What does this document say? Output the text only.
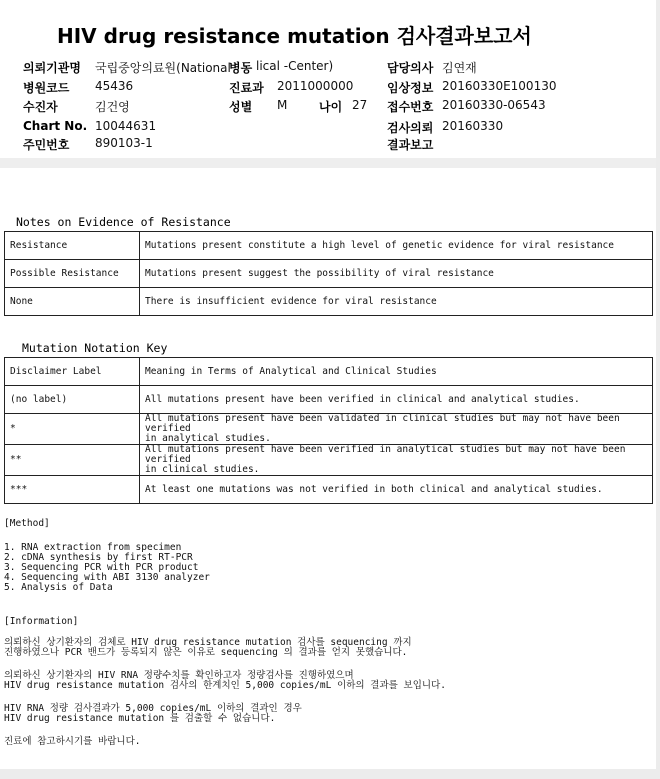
HIV drug resistance mutation 검사결과보고서
의뢰기관명 국립중앙의료원(National
병원코드 45436
수진자	김건영
Chart No. 10044631
주민번호 890103-1
병동 lical -Center)
진료과 2011000000
성별 M	나이 27
담당의사 김연재
임상정보 20160330E100130
접수번호 20160330-06543
검사의뢰 20160330
결과보고
Notes on Evidence of Resistance
Resistance	Mutations present constitute a high level of genetic evidence for viral resistance
Possible Resistance	Mutations present suggest the possibility of viral resistance
None	There is insufficient evidence for viral resistance
Mutation Notation Key
Disclaimer Label	Meaning in Terms of Analytical and Clinical Studies
(no label)	All mutations present have been verified in clinical and analytical studies.

*	All mutations present have been validated in clinical studies but may not have been verified
in analytical studies.

**	All mutations present have been verified in analytical studies but may not have been verified
in clinical studies.

***	At least one mutations was not verified in both clinical and analytical studies.
[Method]
1. RNA extraction from specimen
2. cDNA synthesis by first RT-PCR
3. Sequencing PCR with PCR product
4. Sequencing with ABI 3130 analyzer
5. Analysis of Data
[Information]
의뢰하신 상기환자의 검체로 HIV drug resistance mutation 검사를 sequencing 까지
진행하였으나 PCR 밴드가 등록되지 않은 이유로 sequencing 의 결과를 얻지 못했습니다.
의뢰하신 상기환자의 HIV RNA 정량수치를 확인하고자 정량검사를 진행하였으며
HIV drug resistance mutation 검사의 한계치인 5,000 copies/mL 이하의 결과를 보입니다.
HIV RNA 정량 검사결과가 5,000 copies/mL 이하의 결과인 경우
HIV drug resistance mutation 를 검출할 수 없습니다.
진료에 참고하시기를 바랍니다.
